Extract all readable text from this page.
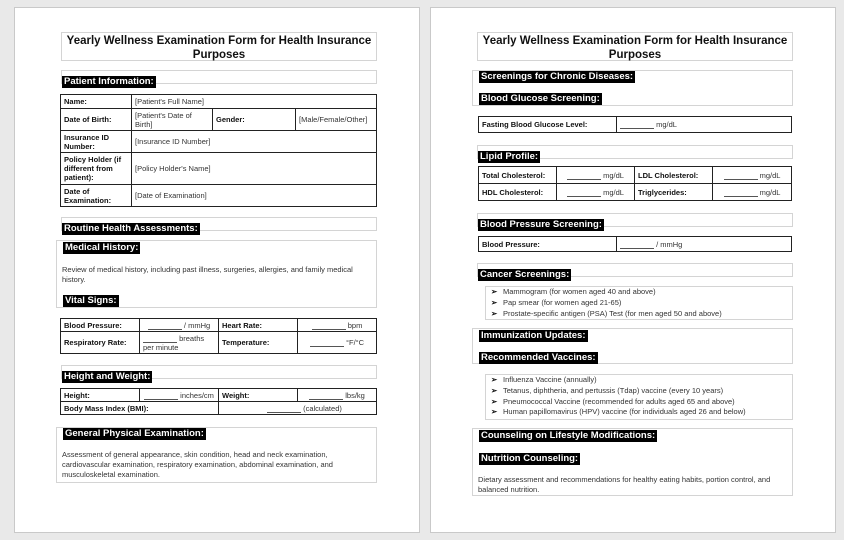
Yearly Wellness Examination Form for Health Insurance Purposes
Patient Information:
Name:	[Patient's Full Name]		
Date of Birth:	[Patient's Date of Birth]	Gender:	[Male/Female/Other]
Insurance ID Number:	[Insurance ID Number]		
Policy Holder (if different from patient):	[Policy Holder's Name]		
Date of Examination:	[Date of Examination]		
Routine Health Assessments:
Medical History:
Review of medical history, including past illness, surgeries, allergies, and family medical history.
Vital Signs:
Blood Pressure:	/ mmHg	Heart Rate:	bpm
Respiratory Rate:	breaths per minute	Temperature:	°F/°C
Height and Weight:
Height:	inches/cm	Weight:	lbs/kg
Body Mass Index (BMI):		(calculated)	
General Physical Examination:
Assessment of general appearance, skin condition, head and neck examination, cardiovascular examination, respiratory examination, abdominal examination, and musculoskeletal examination.
Yearly Wellness Examination Form for Health Insurance Purposes
Screenings for Chronic Diseases:
Blood Glucose Screening:
Fasting Blood Glucose Level:	mg/dL
Lipid Profile:
Total Cholesterol:	mg/dL	LDL Cholesterol:	mg/dL
HDL Cholesterol:	mg/dL	Triglycerides:	mg/dL
Blood Pressure Screening:
Blood Pressure:	/ mmHg
Cancer Screenings:
➢ Mammogram (for women aged 40 and above)
➢ Pap smear (for women aged 21-65)
➢ Prostate-specific antigen (PSA) Test (for men aged 50 and above)
Immunization Updates:
Recommended Vaccines:
➢ Influenza Vaccine (annually)
➢ Tetanus, diphtheria, and pertussis (Tdap) vaccine (every 10 years)
➢ Pneumococcal Vaccine (recommended for adults aged 65 and above)
➢ Human papillomavirus (HPV) vaccine (for individuals aged 26 and below)
Counseling on Lifestyle Modifications:
Nutrition Counseling:
Dietary assessment and recommendations for healthy eating habits, portion control, and balanced nutrition.
